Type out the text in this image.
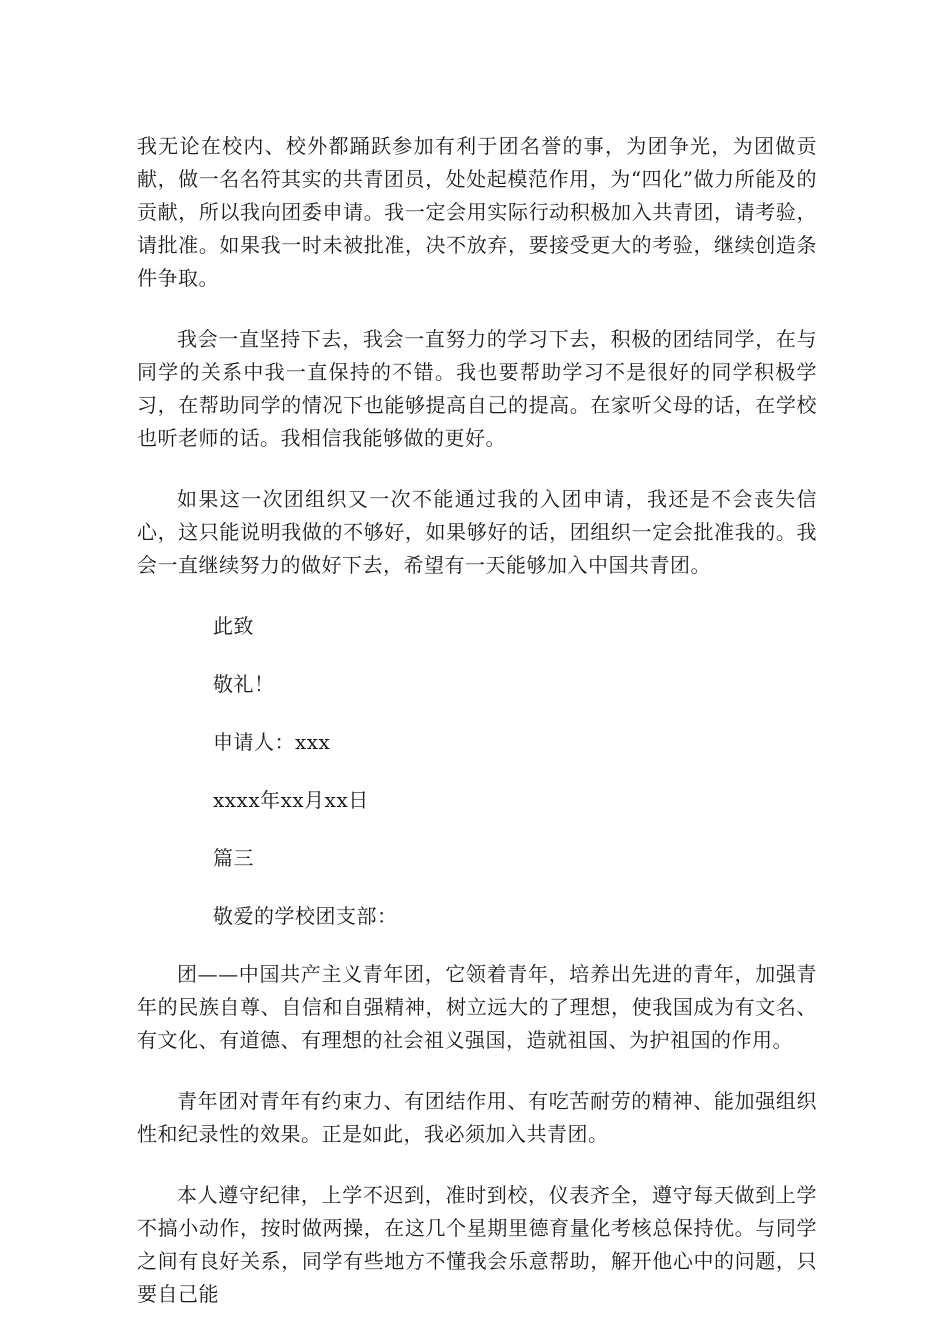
我无论在校内、校外都踊跃参加有利于团名誉的事，为团争光，为团做贡献，做一名名符其实的共青团员，处处起模范作用，为“四化”做力所能及的贡献，所以我向团委申请。我一定会用实际行动积极加入共青团，请考验，请批准。如果我一时未被批准，决不放弃，要接受更大的考验，继续创造条件争取。

我会一直坚持下去，我会一直努力的学习下去，积极的团结同学，在与同学的关系中我一直保持的不错。我也要帮助学习不是很好的同学积极学习，在帮助同学的情况下也能够提高自己的提高。在家听父母的话，在学校也听老师的话。我相信我能够做的更好。

如果这一次团组织又一次不能通过我的入团申请，我还是不会丧失信心，这只能说明我做的不够好，如果够好的话，团组织一定会批准我的。我会一直继续努力的做好下去，希望有一天能够加入中国共青团。

此致

敬礼！

申请人：xxx

xxxx年xx月xx日

篇三

敬爱的学校团支部：

团——中国共产主义青年团，它领着青年，培养出先进的青年，加强青年的民族自尊、自信和自强精神，树立远大的了理想，使我国成为有文名、有文化、有道德、有理想的社会祖义强国，造就祖国、为护祖国的作用。

青年团对青年有约束力、有团结作用、有吃苦耐劳的精神、能加强组织性和纪录性的效果。正是如此，我必须加入共青团。

本人遵守纪律，上学不迟到，准时到校，仪表齐全，遵守每天做到上学不搞小动作，按时做两操，在这几个星期里德育量化考核总保持优。与同学之间有良好关系，同学有些地方不懂我会乐意帮助，解开他心中的问题，只要自己能
